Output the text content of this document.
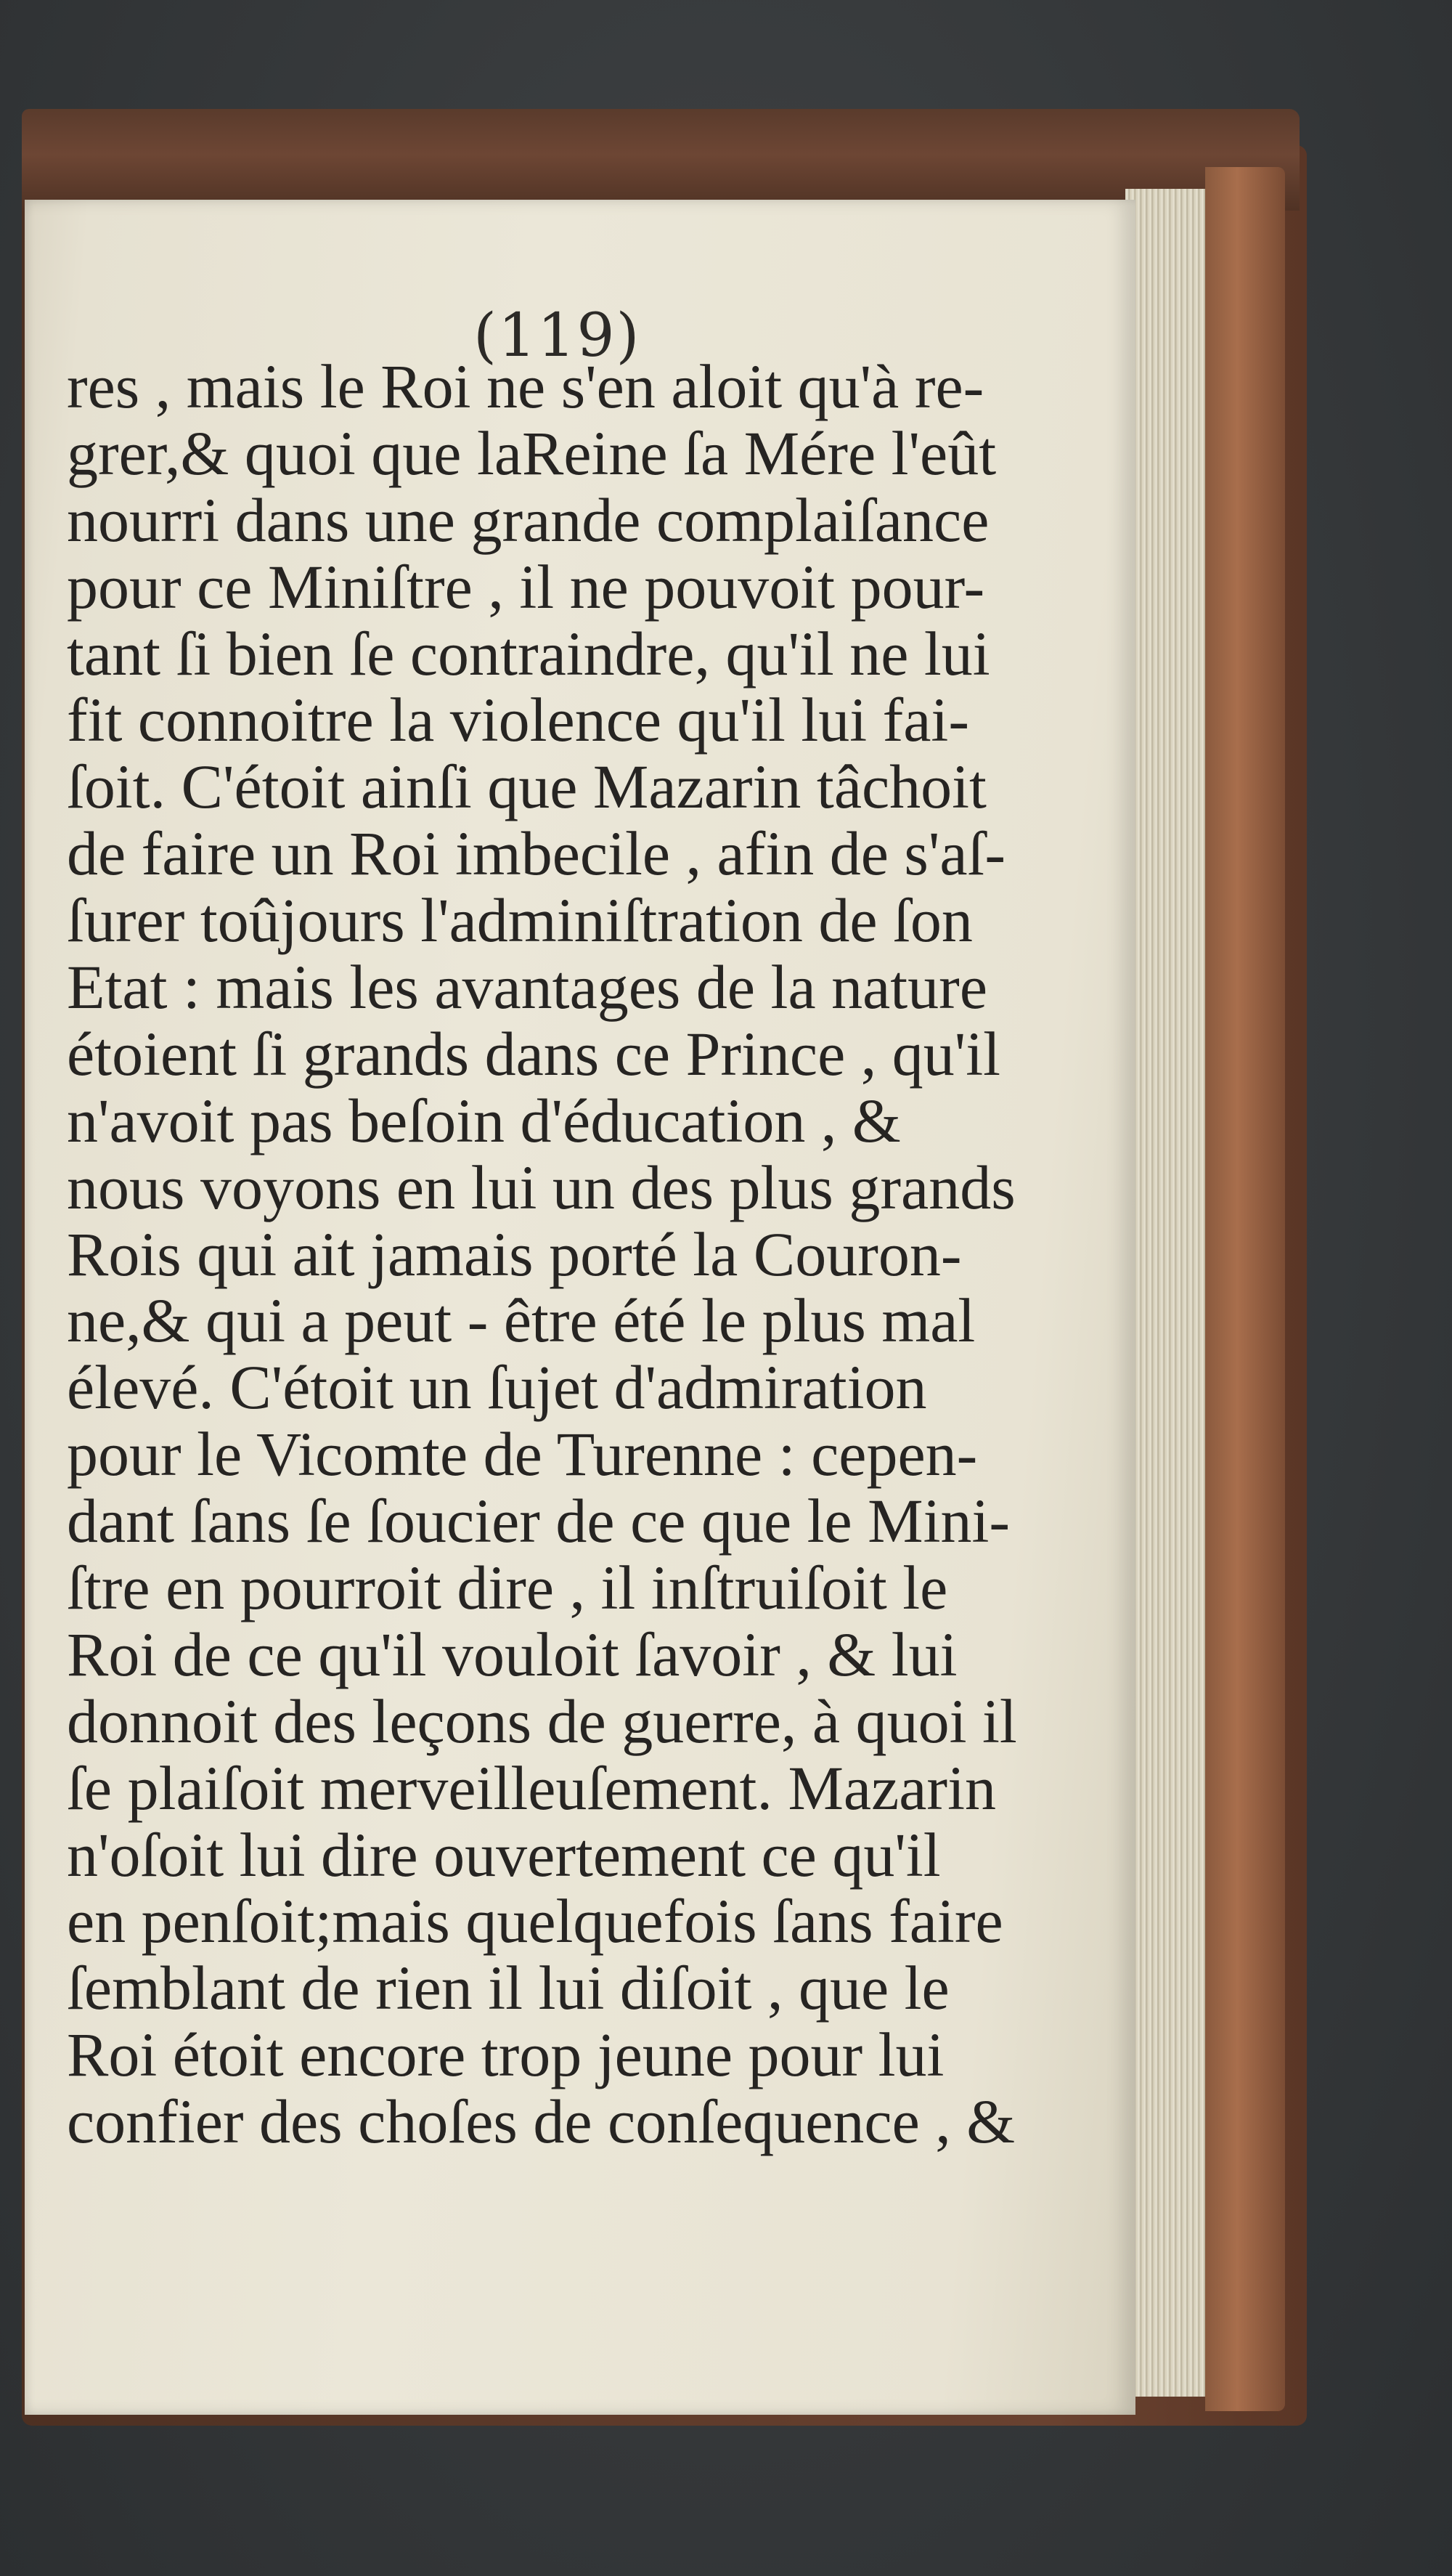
(119)
res , mais le Roi ne s'en aloit qu'à re-
grer,& quoi que laReine ſa Mére l'eût
nourri dans une grande complaiſance
pour ce Miniſtre , il ne pouvoit pour-
tant ſi bien ſe contraindre, qu'il ne lui
fit connoitre la violence qu'il lui fai-
ſoit. C'étoit ainſi que Mazarin tâchoit
de faire un Roi imbecile , afin de s'aſ-
ſurer toûjours l'adminiſtration de ſon
Etat : mais les avantages de la nature
étoient ſi grands dans ce Prince , qu'il
n'avoit pas beſoin d'éducation , &
nous voyons en lui un des plus grands
Rois qui ait jamais porté la Couron-
ne,& qui a peut - être été le plus mal
élevé. C'étoit un ſujet d'admiration
pour le Vicomte de Turenne : cepen-
dant ſans ſe ſoucier de ce que le Mini-
ſtre en pourroit dire , il inſtruiſoit le
Roi de ce qu'il vouloit ſavoir , & lui
donnoit des leçons de guerre, à quoi il
ſe plaiſoit merveilleuſement. Mazarin
n'oſoit lui dire ouvertement ce qu'il
en penſoit;mais quelquefois ſans faire
ſemblant de rien il lui diſoit , que le
Roi étoit encore trop jeune pour lui
confier des choſes de conſequence , &
